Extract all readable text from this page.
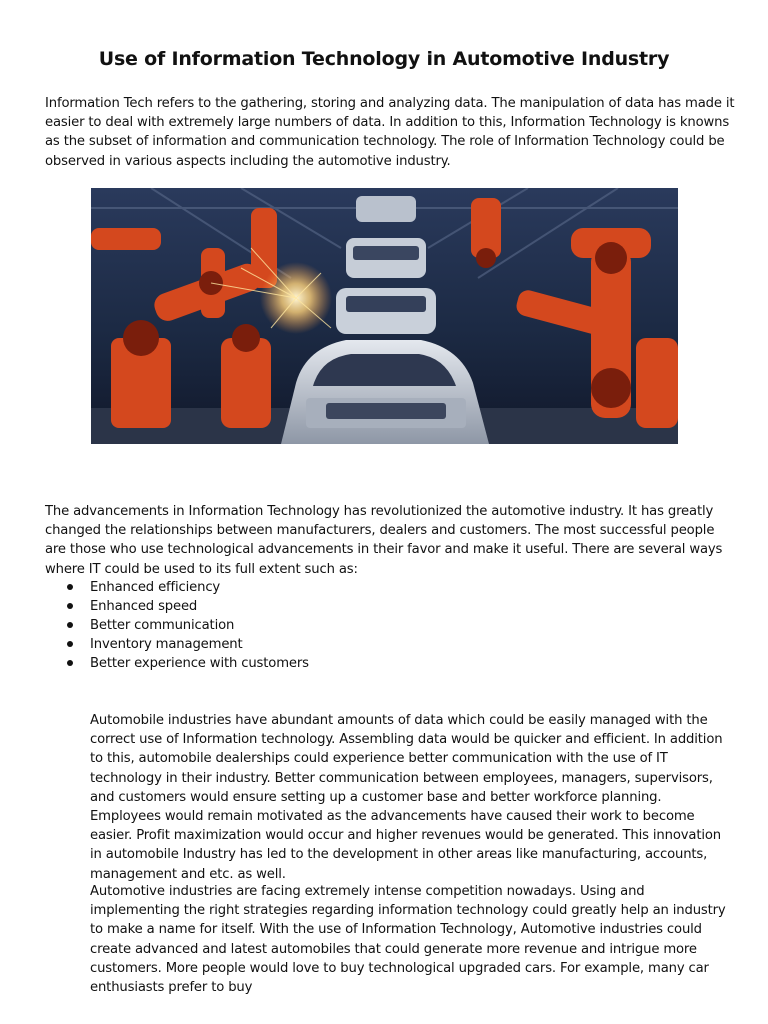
Use of Information Technology in Automotive Industry

Information Tech refers to the gathering, storing and analyzing data. The manipulation of data has made it easier to deal with extremely large numbers of data. In addition to this, Information Technology is knowns as the subset of information and communication technology. The role of Information Technology could be observed in various aspects including the automotive industry.

The advancements in Information Technology has revolutionized the automotive industry. It has greatly changed the relationships between manufacturers, dealers and customers. The most successful people are those who use technological advancements in their favor and make it useful. There are several ways where IT could be used to its full extent such as:

Enhanced efficiency
Enhanced speed
Better communication
Inventory management
Better experience with customers

Automobile industries have abundant amounts of data which could be easily managed with the correct use of Information technology. Assembling data would be quicker and efficient. In addition to this, automobile dealerships could experience better communication with the use of IT technology in their industry. Better communication between employees, managers, supervisors, and customers would ensure setting up a customer base and better workforce planning. Employees would remain motivated as the advancements have caused their work to become easier. Profit maximization would occur and higher revenues would be generated. This innovation in automobile Industry has led to the development in other areas like manufacturing, accounts, management and etc. as well.

Automotive industries are facing extremely intense competition nowadays. Using and implementing the right strategies regarding information technology could greatly help an industry to make a name for itself. With the use of Information Technology, Automotive industries could create advanced and latest automobiles that could generate more revenue and intrigue more customers. More people would love to buy technological upgraded cars. For example, many car enthusiasts prefer to buy
